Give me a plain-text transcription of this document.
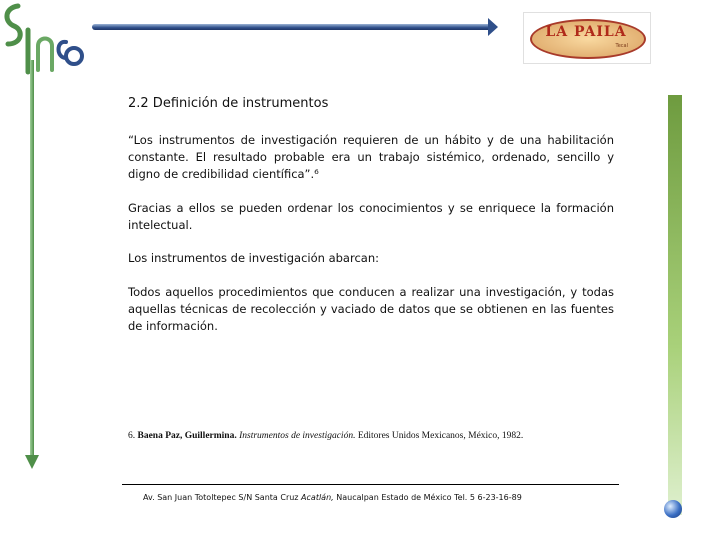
Sinco
LA PAILA
Tecal
2.2 Definición de instrumentos
“Los instrumentos de investigación requieren de un hábito y de una habilitación constante. El resultado probable era un trabajo sistémico, ordenado, sencillo y digno de credibilidad científica”.⁶
Gracias a ellos se pueden ordenar los conocimientos y se enriquece la formación intelectual.
Los instrumentos de investigación abarcan:
Todos aquellos procedimientos que conducen a realizar una investigación, y todas aquellas técnicas de recolección y vaciado de datos que se obtienen en las fuentes de información.
6. Baena Paz, Guillermina. Instrumentos de investigación. Editores Unidos Mexicanos, México, 1982.
Av. San Juan Totoltepec S/N Santa Cruz Acatlán, Naucalpan Estado de México Tel. 5 6-23-16-89
